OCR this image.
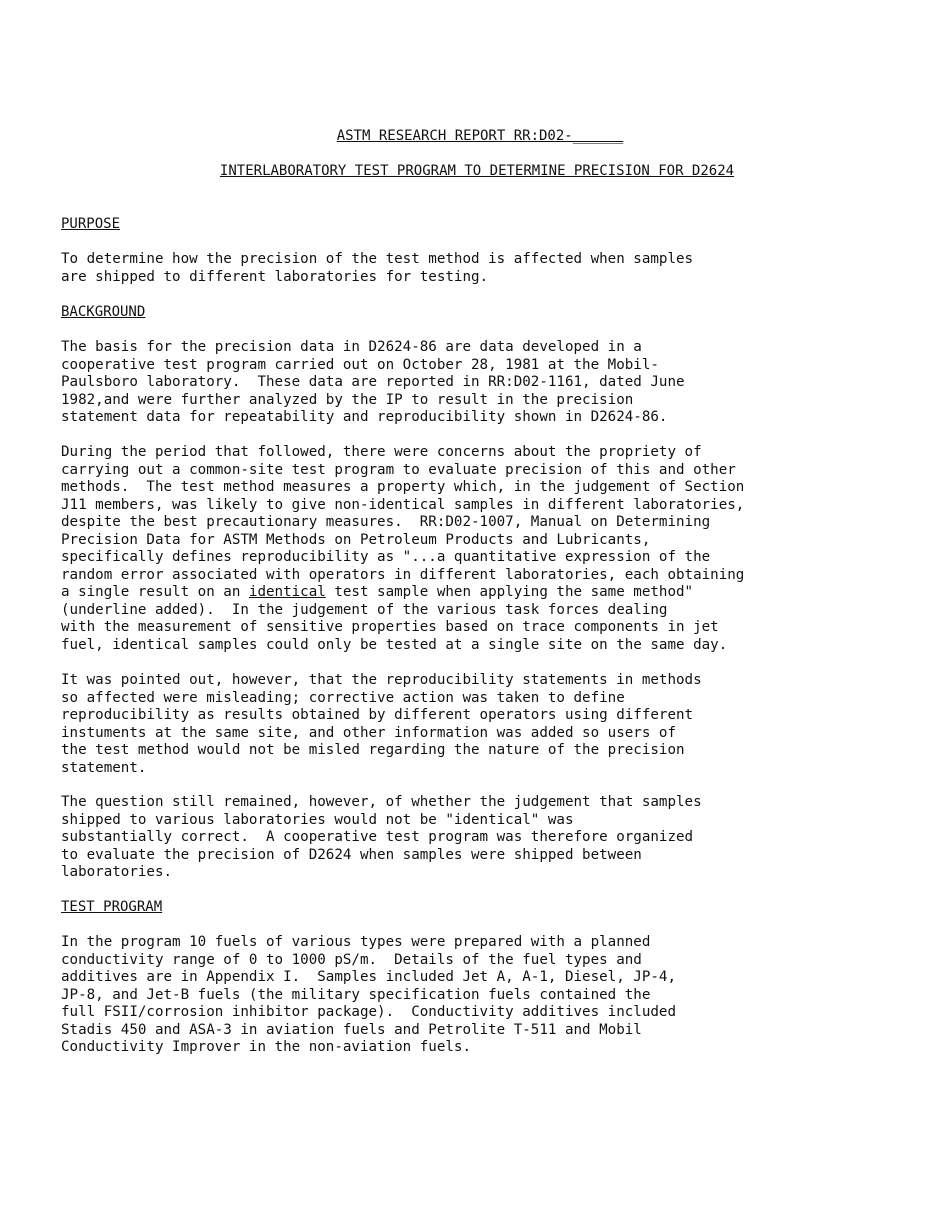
ASTM RESEARCH REPORT RR:D02-______
INTERLABORATORY TEST PROGRAM TO DETERMINE PRECISION FOR D2624

PURPOSE

To determine how the precision of the test method is affected when samples

are shipped to different laboratories for testing.

BACKGROUND

The basis for the precision data in D2624-86 are data developed in a

cooperative test program carried out on October 28, 1981 at the Mobil-

Paulsboro laboratory.  These data are reported in RR:D02-1161, dated June

1982,and were further analyzed by the IP to result in the precision

statement data for repeatability and reproducibility shown in D2624-86.

During the period that followed, there were concerns about the propriety of

carrying out a common-site test program to evaluate precision of this and other

methods.  The test method measures a property which, in the judgement of Section

J11 members, was likely to give non-identical samples in different laboratories,

despite the best precautionary measures.  RR:D02-1007, Manual on Determining

Precision Data for ASTM Methods on Petroleum Products and Lubricants,

specifically defines reproducibility as "...a quantitative expression of the

random error associated with operators in different laboratories, each obtaining

a single result on an identical test sample when applying the same method"

(underline added).  In the judgement of the various task forces dealing

with the measurement of sensitive properties based on trace components in jet

fuel, identical samples could only be tested at a single site on the same day.

It was pointed out, however, that the reproducibility statements in methods

so affected were misleading; corrective action was taken to define

reproducibility as results obtained by different operators using different

instuments at the same site, and other information was added so users of

the test method would not be misled regarding the nature of the precision

statement.

The question still remained, however, of whether the judgement that samples

shipped to various laboratories would not be "identical" was

substantially correct.  A cooperative test program was therefore organized

to evaluate the precision of D2624 when samples were shipped between

laboratories.

TEST PROGRAM

In the program 10 fuels of various types were prepared with a planned

conductivity range of 0 to 1000 pS/m.  Details of the fuel types and

additives are in Appendix I.  Samples included Jet A, A-1, Diesel, JP-4,

JP-8, and Jet-B fuels (the military specification fuels contained the

full FSII/corrosion inhibitor package).  Conductivity additives included

Stadis 450 and ASA-3 in aviation fuels and Petrolite T-511 and Mobil

Conductivity Improver in the non-aviation fuels.
